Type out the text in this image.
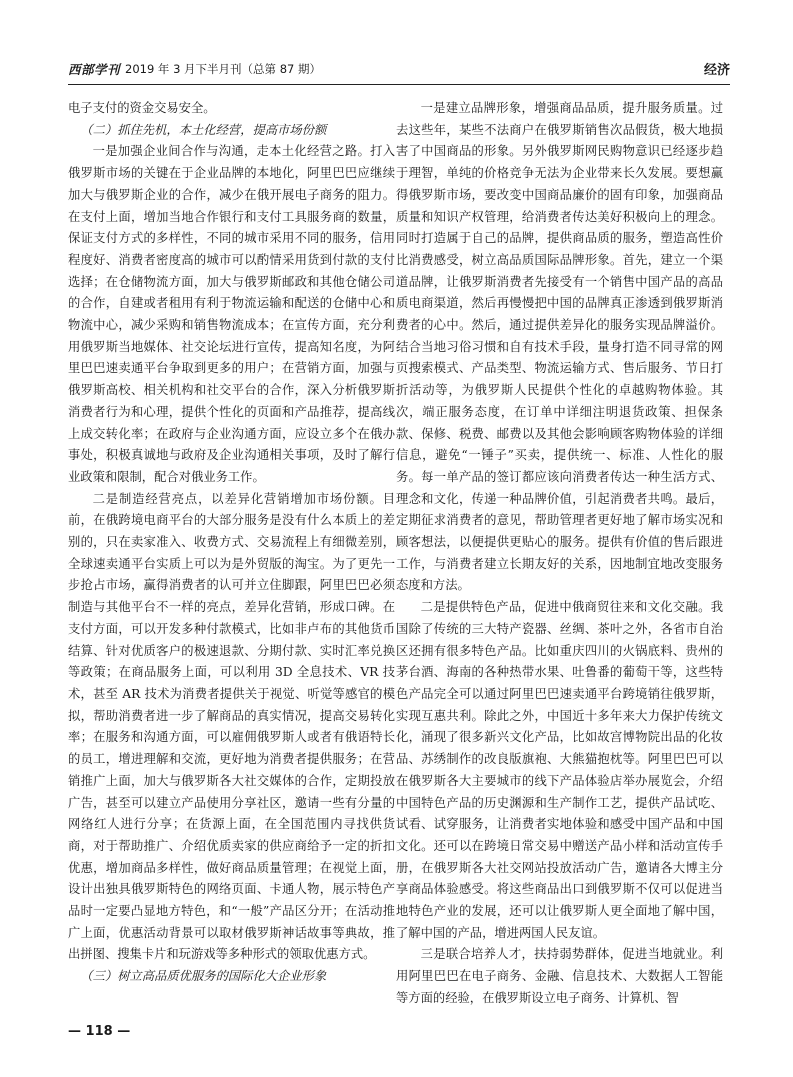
西部学刊 2019 年 3 月下半月刊（总第 87 期）	经济

电子支付的资金交易安全。

（二）抓住先机，本土化经营，提高市场份额

一是加强企业间合作与沟通，走本土化经营之路。打入俄罗斯市场的关键在于企业品牌的本地化，阿里巴巴应继续加大与俄罗斯企业的合作，减少在俄开展电子商务的阻力。在支付上面，增加当地合作银行和支付工具服务商的数量，保证支付方式的多样性，不同的城市采用不同的服务，信用程度好、消费者密度高的城市可以酌情采用货到付款的支付选择；在仓储物流方面，加大与俄罗斯邮政和其他仓储公司的合作，自建或者租用有利于物流运输和配送的仓储中心和物流中心，减少采购和销售物流成本；在宣传方面，充分利用俄罗斯当地媒体、社交论坛进行宣传，提高知名度，为阿里巴巴速卖通平台争取到更多的用户；在营销方面，加强与俄罗斯高校、相关机构和社交平台的合作，深入分析俄罗斯消费者行为和心理，提供个性化的页面和产品推荐，提高线上成交转化率；在政府与企业沟通方面，应设立多个在俄办事处，积极真诚地与政府及企业沟通相关事项，及时了解行业政策和限制，配合对俄业务工作。

二是制造经营亮点，以差异化营销增加市场份额。目前，在俄跨境电商平台的大部分服务是没有什么本质上的差别的，只在卖家准入、收费方式、交易流程上有细微差别，全球速卖通平台实质上可以为是外贸版的淘宝。为了更先一步抢占市场，赢得消费者的认可并立住脚跟，阿里巴巴必须制造与其他平台不一样的亮点，差异化营销，形成口碑。在支付方面，可以开发多种付款模式，比如非卢布的其他货币结算、针对优质客户的极速退款、分期付款、实时汇率兑换等政策；在商品服务上面，可以利用 3D 全息技术、VR 技术，甚至 AR 技术为消费者提供关于视觉、听觉等感官的模拟，帮助消费者进一步了解商品的真实情况，提高交易转化率；在服务和沟通方面，可以雇佣俄罗斯人或者有俄语特长的员工，增进理解和交流，更好地为消费者提供服务；在营销推广上面，加大与俄罗斯各大社交媒体的合作，定期投放广告，甚至可以建立产品使用分享社区，邀请一些有分量的网络红人进行分享；在货源上面，在全国范围内寻找供货商，对于帮助推广、介绍优质卖家的供应商给予一定的折扣优惠，增加商品多样性，做好商品质量管理；在视觉上面，设计出独具俄罗斯特色的网络页面、卡通人物，展示特色产品时一定要凸显地方特色，和“一般”产品区分开；在活动推广上面，优惠活动背景可以取材俄罗斯神话故事等典故，推出拼图、搜集卡片和玩游戏等多种形式的领取优惠方式。

（三）树立高品质优服务的国际化大企业形象

一是建立品牌形象，增强商品品质，提升服务质量。过去这些年，某些不法商户在俄罗斯销售次品假货，极大地损害了中国商品的形象。另外俄罗斯网民购物意识已经逐步趋于理智，单纯的价格竞争无法为企业带来长久发展。要想赢得俄罗斯市场，要改变中国商品廉价的固有印象，加强商品质量和知识产权管理，给消费者传达美好积极向上的理念。同时打造属于自己的品牌，提供商品质的服务，塑造高性价比消费感受，树立高品质国际品牌形象。首先，建立一个渠道品牌，让俄罗斯消费者先接受有一个销售中国产品的高品质电商渠道，然后再慢慢把中国的品牌真正渗透到俄罗斯消费者的心中。然后，通过提供差异化的服务实现品牌溢价。结合当地习俗习惯和自有技术手段，量身打造不同寻常的网页搜索模式、产品类型、物流运输方式、售后服务、节日打折活动等，为俄罗斯人民提供个性化的卓越购物体验。其次，端正服务态度，在订单中详细注明退货政策、担保条款、保修、税费、邮费以及其他会影响顾客购物体验的详细信息，避免“一锤子”买卖，提供统一、标准、人性化的服务。每一单产品的签订都应该向消费者传达一种生活方式、理念和文化，传递一种品牌价值，引起消费者共鸣。最后，定期征求消费者的意见，帮助管理者更好地了解市场实况和顾客想法，以便提供更贴心的服务。提供有价值的售后跟进工作，与消费者建立长期友好的关系，因地制宜地改变服务态度和方法。

二是提供特色产品，促进中俄商贸往来和文化交融。我国除了传统的三大特产瓷器、丝绸、茶叶之外，各省市自治区还拥有很多特色产品。比如重庆四川的火锅底料、贵州的茅台酒、海南的各种热带水果、吐鲁番的葡萄干等，这些特色产品完全可以通过阿里巴巴速卖通平台跨境销往俄罗斯，实现互惠共利。除此之外，中国近十多年来大力保护传统文化，涌现了很多新兴文化产品，比如故宫博物院出品的化妆品、苏绣制作的改良版旗袍、大熊猫抱枕等。阿里巴巴可以在俄罗斯各大主要城市的线下产品体验店举办展览会，介绍中国特色产品的历史渊源和生产制作工艺，提供产品试吃、试看、试穿服务，让消费者实地体验和感受中国产品和中国文化。还可以在跨境日常交易中赠送产品小样和活动宣传手册，在俄罗斯各大社交网站投放活动广告，邀请各大博主分享商品体验感受。将这些商品出口到俄罗斯不仅可以促进当地特色产业的发展，还可以让俄罗斯人更全面地了解中国，了解中国的产品，增进两国人民友谊。

三是联合培养人才，扶持弱势群体，促进当地就业。利用阿里巴巴在电子商务、金融、信息技术、大数据人工智能等方面的经验，在俄罗斯设立电子商务、计算机、智

— 118 —
